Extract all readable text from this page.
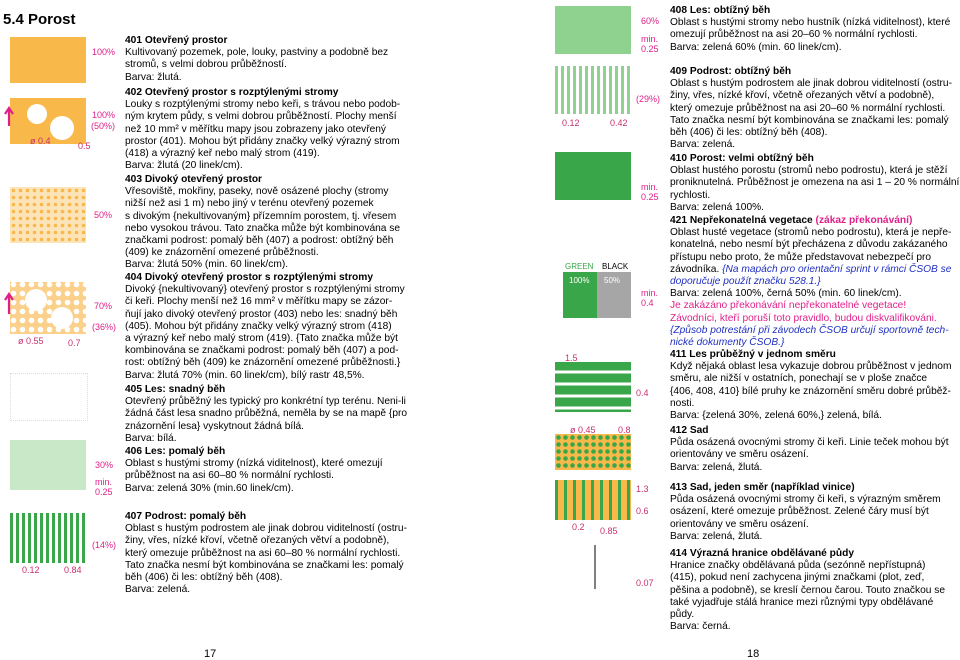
5.4 Porost
100%
100%
(50%)
ø 0.4	0.5
50%
70%
(36%)
ø 0.55	0.7
30%
min.
0.25
(14%)
0.12	0.84

401 Otevřený prostor

Kultivovaný pozemek, pole, louky, pastviny a podobně bez

stromů, s velmi dobrou průběžností.

Barva: žlutá.

402 Otevřený prostor s rozptýlenými stromy

Louky s rozptýlenými stromy nebo keři, s trávou nebo podob-

ným krytem půdy, s velmi dobrou průběžností. Plochy menší

než 10 mm² v měřítku mapy jsou zobrazeny jako otevřený

prostor (401). Mohou být přidány značky velký výrazný strom

(418) a výrazný keř nebo malý strom (419).

Barva: žlutá (20 linek/cm).

403 Divoký otevřený prostor

Vřesoviště, mokřiny, paseky, nově osázené plochy (stromy

nižší než asi 1 m) nebo jiný v terénu otevřený pozemek

s divokým {nekultivovaným} přízemním porostem, tj. vřesem

nebo vysokou trávou. Tato značka může být kombinována se

značkami podrost: pomalý běh (407) a podrost: obtížný běh

(409) ke znázornění omezené průběžnosti.

Barva: žlutá 50% (min. 60 linek/cm).

404 Divoký otevřený prostor s rozptýlenými stromy

Divoký {nekultivovaný} otevřený prostor s rozptýlenými stromy

či keři. Plochy menší než 16 mm² v měřítku mapy se zázor-

ňují jako divoký otevřený prostor (403) nebo les: snadný běh

(405). Mohou být přidány značky velký výrazný strom (418)

a výrazný keř nebo malý strom (419). {Tato značka může být

kombinována se značkami podrost: pomalý běh (407) a pod-

rost: obtížný běh (409) ke znázornění omezené průběžnosti.}

Barva: žlutá 70% (min. 60 linek/cm), bílý rastr 48,5%.

405 Les: snadný běh

Otevřený průběžný les typický pro konkrétní typ terénu. Neni-li

žádná část lesa snadno průběžná, neměla by se na mapě {pro

znázornění lesa} vyskytnout žádná bílá.

Barva: bílá.

406 Les: pomalý běh

Oblast s hustými stromy (nízká viditelnost), které omezují

průběžnost na asi 60–80 % normální rychlosti.

Barva: zelená 30% (min.60 linek/cm).

407 Podrost: pomalý běh

Oblast s hustým podrostem ale jinak dobrou viditelností (ostru-

žiny, vřes, nízké křoví, včetně ořezaných větví a podobně),

který omezuje průběžnost na asi 60–80 % normální rychlosti.

Tato značka nesmí být kombinována se značkami les: pomalý

běh (406) či les: obtížný běh (408).

Barva: zelená.

17
60%
min.
0.25
(29%)
0.12	0.42
min.
0.25
GREEN BLACK
100% 50%
min.
0.4
1.5
0.4
ø 0.45 0.8
1.3
0.6
0.2 0.85
0.07

408 Les: obtížný běh

Oblast s hustými stromy nebo hustník (nízká viditelnost), které

omezují průběžnost na asi 20–60 % normální rychlosti.

Barva: zelená 60% (min. 60 linek/cm).

409 Podrost: obtížný běh

Oblast s hustým podrostem ale jinak dobrou viditelností (ostru-

žiny, vřes, nízké křoví, včetně ořezaných větví a podobně),

který omezuje průběžnost na asi 20–60 % normální rychlosti.

Tato značka nesmí být kombinována se značkami les: pomalý

běh (406) či les: obtížný běh (408).

Barva: zelená.

410 Porost: velmi obtížný běh

Oblast hustého porostu (stromů nebo podrostu), která je stěží

proniknutelná. Průběžnost je omezena na asi 1 – 20 % normální

rychlosti.

Barva: zelená 100%.

421 Nepřekonatelná vegetace (zákaz překonávání)

Oblast husté vegetace (stromů nebo podrostu), která je nepře-

konatelná, nebo nesmí být přecházena z důvodu zakázaného

přístupu nebo proto, že může představovat nebezpečí pro

závodníka. {Na mapách pro orientační sprint v rámci ČSOB se

doporučuje použít značku 528.1.}

Barva: zelená 100%, černá 50% (min. 60 linek/cm).

Je zakázáno překonávání nepřekonatelné vegetace!

Závodníci, kteří poruší toto pravidlo, budou diskvalifikováni.

{Způsob potrestání při závodech ČSOB určují sportovně tech-

nické dokumenty ČSOB.}

411 Les průběžný v jednom směru

Když nějaká oblast lesa vykazuje dobrou průběžnost v jednom

směru, ale nižší v ostatních, ponechají se v ploše značce

{406, 408, 410} bílé pruhy ke znázornění směru dobré průběž-

nosti.

Barva: {zelená 30%, zelená 60%,} zelená, bílá.

412 Sad

Půda osázená ovocnými stromy či keři. Linie teček mohou být

orientovány ve směru osázení.

Barva: zelená, žlutá.

413 Sad, jeden směr (například vinice)

Půda osázená ovocnými stromy či keři, s výrazným směrem

osázení, které omezuje průběžnost. Zelené čáry musí být

orientovány ve směru osázení.

Barva: zelená, žlutá.

414 Výrazná hranice obdělávané půdy

Hranice značky obdělávaná půda (sezónně nepřístupná)

(415), pokud není zachycena jinými značkami (plot, zeď,

pěšina a podobně), se kreslí černou čarou. Touto značkou se

také vyjadřuje stálá hranice mezi různými typy obdělávané

půdy.

Barva: černá.

18
